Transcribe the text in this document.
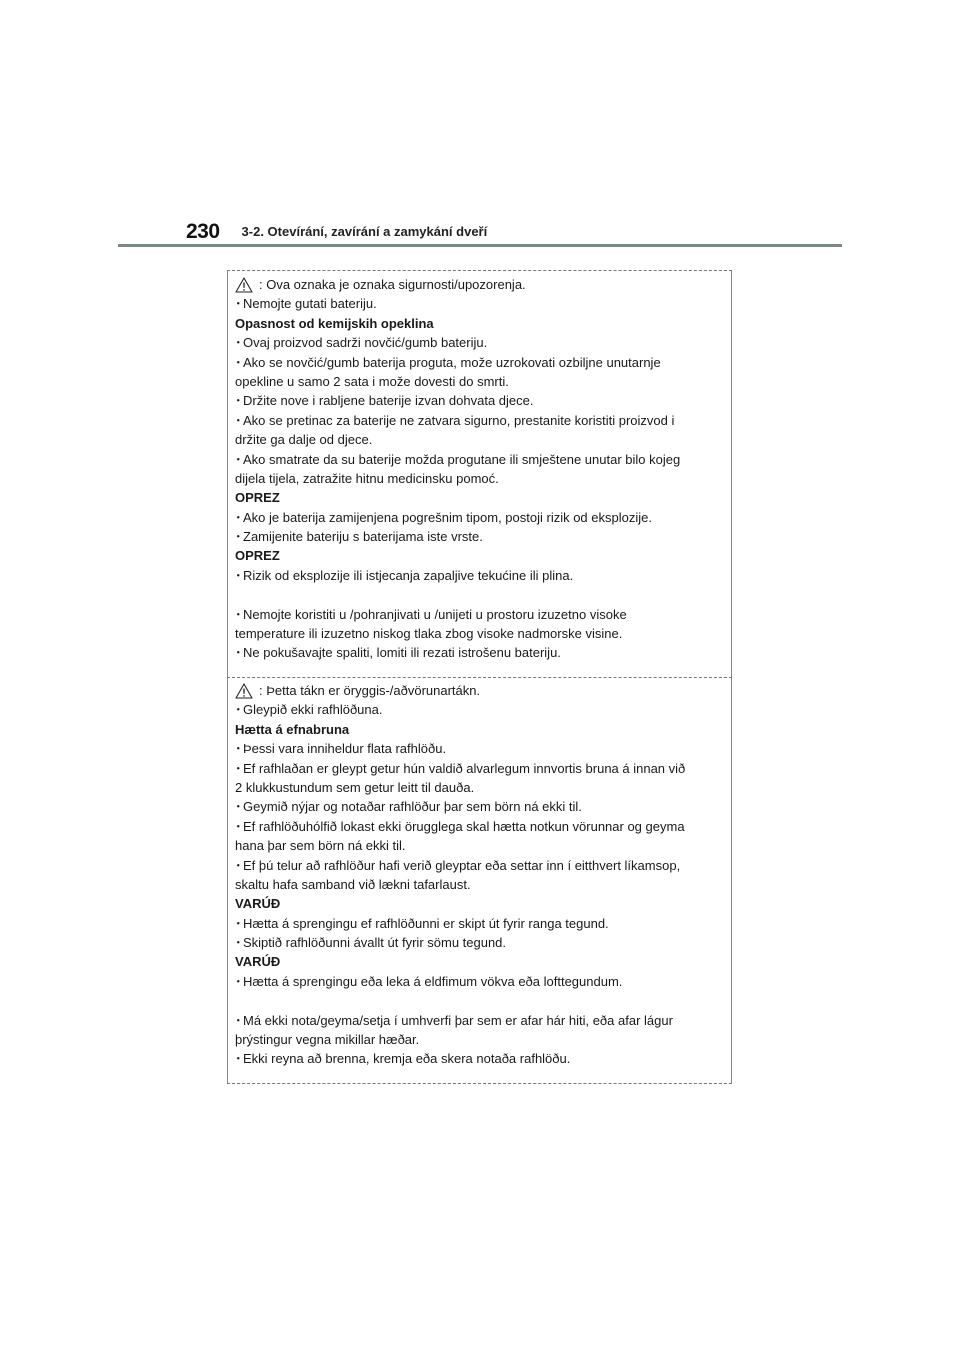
230 3-2. Otevírání, zavírání a zamykání dveří
: Ova oznaka je oznaka sigurnosti/upozorenja.
･ Nemojte gutati bateriju.
Opasnost od kemijskih opeklina
･ Ovaj proizvod sadrži novčić/gumb bateriju.
･ Ako se novčić/gumb baterija proguta, može uzrokovati ozbiljne unutarnje
opekline u samo 2 sata i može dovesti do smrti.
･ Držite nove i rabljene baterije izvan dohvata djece.
･ Ako se pretinac za baterije ne zatvara sigurno, prestanite koristiti proizvod i
držite ga dalje od djece.
･ Ako smatrate da su baterije možda progutane ili smještene unutar bilo kojeg
dijela tijela, zatražite hitnu medicinsku pomoć.
OPREZ
･ Ako je baterija zamijenjena pogrešnim tipom, postoji rizik od eksplozije.
･ Zamijenite bateriju s baterijama iste vrste.
OPREZ
･ Rizik od eksplozije ili istjecanja zapaljive tekućine ili plina.
･ Nemojte koristiti u /pohranjivati u /unijeti u prostoru izuzetno visoke
temperature ili izuzetno niskog tlaka zbog visoke nadmorske visine.
･ Ne pokušavajte spaliti, lomiti ili rezati istrošenu bateriju.
: Þetta tákn er öryggis-/aðvörunartákn.
･ Gleypið ekki rafhlöðuna.
Hætta á efnabruna
･ Þessi vara inniheldur flata rafhlöðu.
･ Ef rafhlaðan er gleypt getur hún valdið alvarlegum innvortis bruna á innan við
2 klukkustundum sem getur leitt til dauða.
･ Geymið nýjar og notaðar rafhlöður þar sem börn ná ekki til.
･ Ef rafhlöðuhólfið lokast ekki örugglega skal hætta notkun vörunnar og geyma
hana þar sem börn ná ekki til.
･ Ef þú telur að rafhlöður hafi verið gleyptar eða settar inn í eitthvert líkamsop,
skaltu hafa samband við lækni tafarlaust.
VARÚÐ
･ Hætta á sprengingu ef rafhlöðunni er skipt út fyrir ranga tegund.
･ Skiptið rafhlöðunni ávallt út fyrir sömu tegund.
VARÚÐ
･ Hætta á sprengingu eða leka á eldfimum vökva eða lofttegundum.
･ Má ekki nota/geyma/setja í umhverfi þar sem er afar hár hiti, eða afar lágur
þrýstingur vegna mikillar hæðar.
･ Ekki reyna að brenna, kremja eða skera notaða rafhlöðu.
